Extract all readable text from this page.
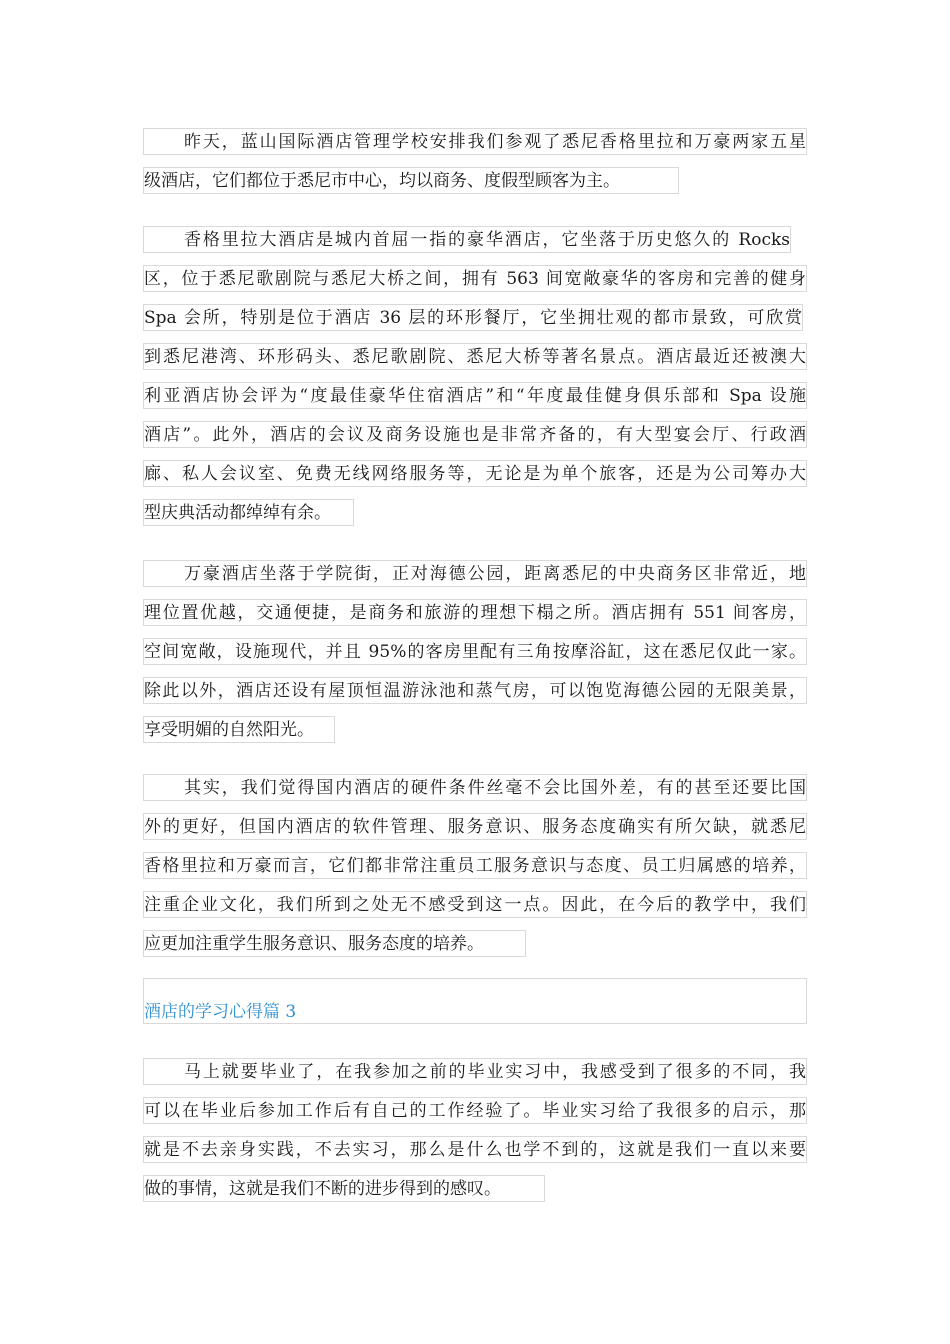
昨天，蓝山国际酒店管理学校安排我们参观了悉尼香格里拉和万豪两家五星
级酒店，它们都位于悉尼市中心，均以商务、度假型顾客为主。
香格里拉大酒店是城内首屈一指的豪华酒店，它坐落于历史悠久的 Rocks
区，位于悉尼歌剧院与悉尼大桥之间，拥有 563 间宽敞豪华的客房和完善的健身
Spa 会所，特别是位于酒店 36 层的环形餐厅，它坐拥壮观的都市景致，可欣赏
到悉尼港湾、环形码头、悉尼歌剧院、悉尼大桥等著名景点。酒店最近还被澳大
利亚酒店协会评为“度最佳豪华住宿酒店”和“年度最佳健身俱乐部和 Spa 设施
酒店”。此外，酒店的会议及商务设施也是非常齐备的，有大型宴会厅、行政酒
廊、私人会议室、免费无线网络服务等，无论是为单个旅客，还是为公司筹办大
型庆典活动都绰绰有余。
万豪酒店坐落于学院街，正对海德公园，距离悉尼的中央商务区非常近，地
理位置优越，交通便捷，是商务和旅游的理想下榻之所。酒店拥有 551 间客房，
空间宽敞，设施现代，并且 95%的客房里配有三角按摩浴缸，这在悉尼仅此一家。
除此以外，酒店还设有屋顶恒温游泳池和蒸气房，可以饱览海德公园的无限美景，
享受明媚的自然阳光。
其实，我们觉得国内酒店的硬件条件丝毫不会比国外差，有的甚至还要比国
外的更好，但国内酒店的软件管理、服务意识、服务态度确实有所欠缺，就悉尼
香格里拉和万豪而言，它们都非常注重员工服务意识与态度、员工归属感的培养，
注重企业文化，我们所到之处无不感受到这一点。因此，在今后的教学中，我们
应更加注重学生服务意识、服务态度的培养。
酒店的学习心得篇 3
马上就要毕业了，在我参加之前的毕业实习中，我感受到了很多的不同，我
可以在毕业后参加工作后有自己的工作经验了。毕业实习给了我很多的启示，那
就是不去亲身实践，不去实习，那么是什么也学不到的，这就是我们一直以来要
做的事情，这就是我们不断的进步得到的感叹。
